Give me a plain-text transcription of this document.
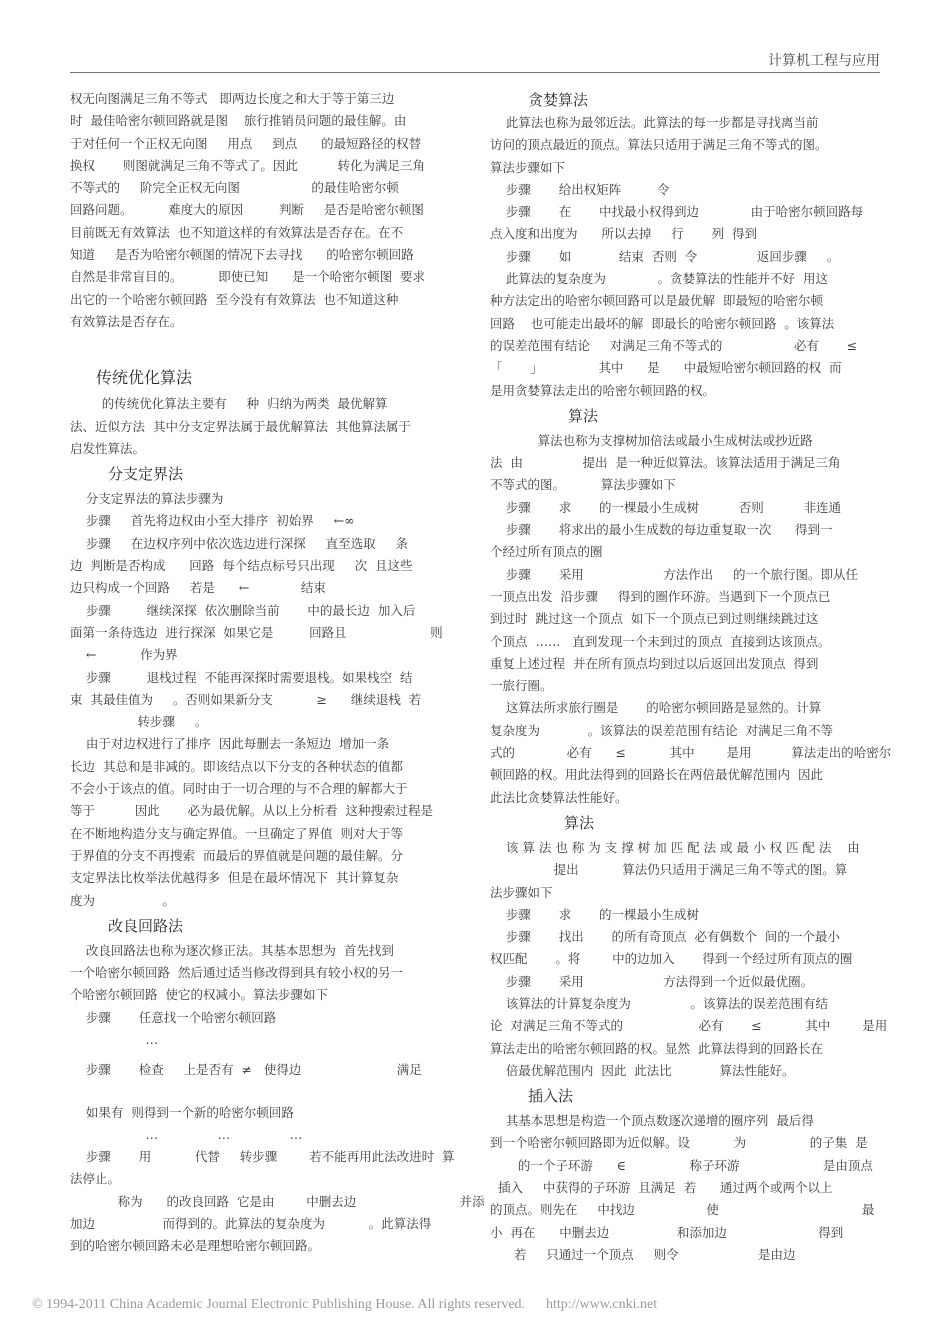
计算机工程与应用

权无向图满足三角不等式   即两边长度之和大于等于第三边
时  最佳哈密尔顿回路就是图    旅行推销员问题的最佳解。由
于对任何一个正权无向图     用点     到点      的最短路径的权替
换权       则图就满足三角不等式了。因此          转化为满足三角
不等式的     阶完全正权无向图                  的最佳哈密尔顿
回路问题。         难度大的原因         判断     是否是哈密尔顿图
目前既无有效算法  也不知道这样的有效算法是否存在。在不
知道     是否为哈密尔顿图的情况下去寻找      的哈密尔顿回路
自然是非常盲目的。         即使已知      是一个哈密尔顿图  要求
出它的一个哈密尔顿回路  至今没有有效算法  也不知道这种
有效算法是否存在。

传统优化算法

的传统优化算法主要有     种  归纳为两类  最优解算
法、近似方法  其中分支定界法属于最优解算法  其他算法属于
启发性算法。

分支定界法

分支定界法的算法步骤为

步骤     首先将边权由小至大排序  初始界     ←∞

步骤     在边权序列中依次选边进行深探     直至选取     条
边  判断是否构成      回路  每个结点标号只出现     次  且这些
边只构成一个回路     若是      ←             结束

步骤         继续深探  依次删除当前       中的最长边  加入后
面第一条待选边  进行探深  如果它是         回路且                     则
←           作为界

步骤         退栈过程  不能再深探时需要退栈。如果栈空  结
束  其最佳值为     。否则如果新分支           ≥      继续退栈  若
转步骤     。

由于对边权进行了排序  因此每删去一条短边  增加一条
长边  其总和是非减的。即该结点以下分支的各种状态的值都
不会小于该点的值。同时由于一切合理的与不合理的解都大于
等于          因此       必为最优解。从以上分析看  这种搜索过程是
在不断地构造分支与确定界值。一旦确定了界值  则对大于等
于界值的分支不再搜索  而最后的界值就是问题的最佳解。分
支定界法比枚举法优越得多  但是在最坏情况下  其计算复杂
度为                 。

改良回路法

改良回路法也称为逐次修正法。其基本思想为  首先找到
一个哈密尔顿回路  然后通过适当修改得到具有较小权的另一
个哈密尔顿回路  使它的权减小。算法步骤如下

步骤       任意找一个哈密尔顿回路

…

步骤       检查     上是否有  ≠   使得边                        满足

如果有  则得到一个新的哈密尔顿回路

…               …               …

步骤       用           代替     转步骤        若不能再用此法改进时  算
法停止。

称为      的改良回路  它是由        中删去边                          并添
加边                 而得到的。此算法的复杂度为           。此算法得
到的哈密尔顿回路未必是理想哈密尔顿回路。

贪婪算法

此算法也称为最邻近法。此算法的每一步都是寻找离当前
访问的顶点最近的顶点。算法只适用于满足三角不等式的图。
算法步骤如下

步骤       给出权矩阵         令

步骤       在       中找最小权得到边             由于哈密尔顿回路每
点入度和出度为      所以去掉     行       列  得到

步骤       如            结束  否则  令               返回步骤     。

此算法的复杂度为             。贪婪算法的性能并不好  用这
种方法定出的哈密尔顿回路可以是最优解  即最短的哈密尔顿
回路    也可能走出最坏的解  即最长的哈密尔顿回路  。该算法
的误差范围有结论     对满足三角不等式的                  必有       ≤
「       」              其中      是      中最短哈密尔顿回路的权  而
是用贪婪算法走出的哈密尔顿回路的权。

算法

算法也称为支撑树加倍法或最小生成树法或抄近路
法  由               提出  是一种近似算法。该算法适用于满足三角
不等式的图。         算法步骤如下

步骤       求       的一棵最小生成树          否则          非连通

步骤       将求出的最小生成数的每边重复取一次      得到一
个经过所有顶点的圈

步骤       采用                    方法作出     的一个旅行图。即从任
一顶点出发  沿步骤     得到的圈作环游。当遇到下一个顶点已
到过时  跳过这一个顶点  如下一个顶点已到过则继续跳过这
个顶点  ……   直到发现一个未到过的顶点  直接到达该顶点。
重复上述过程  并在所有顶点均到过以后返回出发顶点  得到
一旅行圈。

这算法所求旅行圈是       的哈密尔顿回路是显然的。计算
复杂度为            。该算法的误差范围有结论  对满足三角不等
式的             必有      ≤           其中        是用          算法走出的哈密尔
顿回路的权。用此法得到的回路长在两倍最优解范围内  因此
此法比贪婪算法性能好。

算法

该 算 法 也 称 为 支 撑 树 加 匹 配 法 或 最 小 权 匹 配 法    由
提出           算法仍只适用于满足三角不等式的图。算
法步骤如下

步骤       求       的一棵最小生成树

步骤       找出       的所有奇顶点  必有偶数个  间的一个最小
权匹配       。将        中的边加入       得到一个经过所有顶点的圈

步骤       采用                    方法得到一个近似最优圈。

该算法的计算复杂度为               。该算法的误差范围有结
论  对满足三角不等式的                   必有       ≤           其中        是用
算法走出的哈密尔顿回路的权。显然  此算法得到的回路长在
倍最优解范围内  因此  此法比            算法性能好。

插入法

其基本思想是构造一个顶点数逐次递增的圈序列  最后得
到一个哈密尔顿回路即为近似解。设           为                的子集  是
的一个子环游      ∈                称子环游                     是由顶点
插入     中获得的子环游  且满足  若      通过两个或两个以上
的顶点。则先在     中找边                  使                                    最
小  再在      中删去边                 和添加边                       得到
若     只通过一个顶点     则令                    是由边

© 1994-2011 China Academic Journal Electronic Publishing House. All rights reserved. http://www.cnki.net
